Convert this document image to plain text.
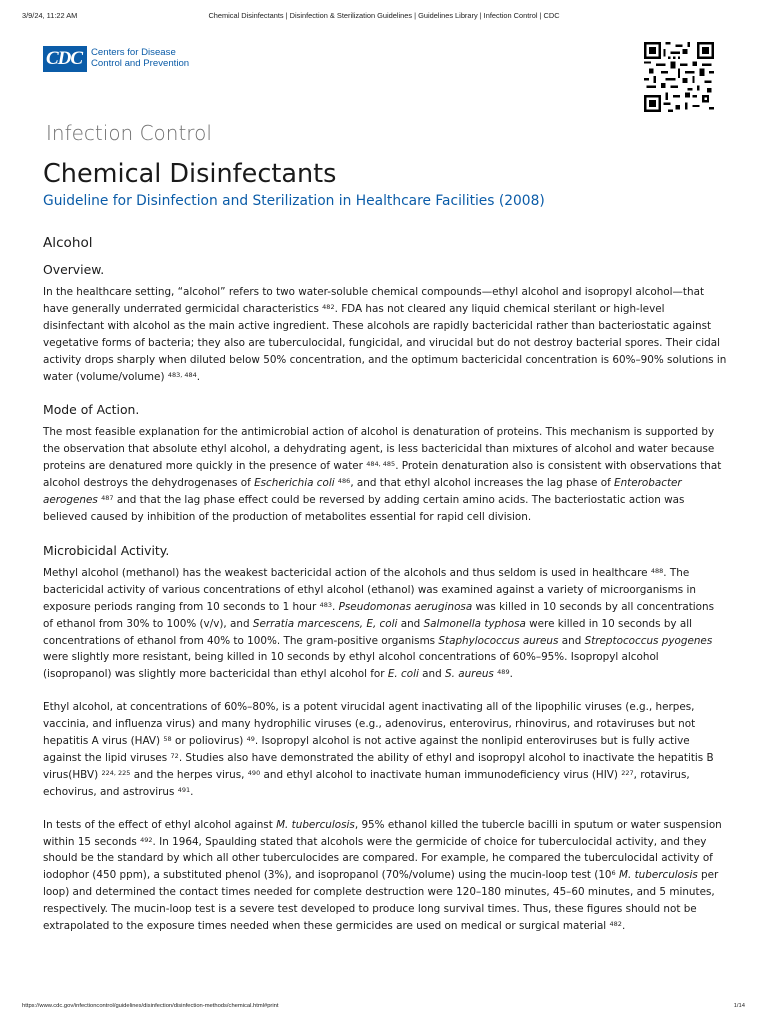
3/9/24, 11:22 AM	Chemical Disinfectants | Disinfection & Sterilization Guidelines | Guidelines Library | Infection Control | CDC
CDC Centers for Disease
Control and Prevention
Infection Control
Chemical Disinfectants
Guideline for Disinfection and Sterilization in Healthcare Facilities (2008)
Alcohol
Overview.

In the healthcare setting, “alcohol” refers to two water-soluble chemical compounds—ethyl alcohol and isopropyl alcohol—that have generally underrated germicidal characteristics $^{482}$. FDA has not cleared any liquid chemical sterilant or high-level disinfectant with alcohol as the main active ingredient. These alcohols are rapidly bactericidal rather than bacteriostatic against vegetative forms of bacteria; they also are tuberculocidal, fungicidal, and virucidal but do not destroy bacterial spores. Their cidal activity drops sharply when diluted below 50% concentration, and the optimum bactericidal concentration is 60%–90% solutions in water (volume/volume) $^{483, 484}$.

Mode of Action.

The most feasible explanation for the antimicrobial action of alcohol is denaturation of proteins. This mechanism is supported by the observation that absolute ethyl alcohol, a dehydrating agent, is less bactericidal than mixtures of alcohol and water because proteins are denatured more quickly in the presence of water $^{484, 485}$. Protein denaturation also is consistent with observations that alcohol destroys the dehydrogenases of Escherichia coli $^{486}$, and that ethyl alcohol increases the lag phase of Enterobacter aerogenes $^{487}$ and that the lag phase effect could be reversed by adding certain amino acids. The bacteriostatic action was believed caused by inhibition of the production of metabolites essential for rapid cell division.

Microbicidal Activity.

Methyl alcohol (methanol) has the weakest bactericidal action of the alcohols and thus seldom is used in healthcare $^{488}$. The bactericidal activity of various concentrations of ethyl alcohol (ethanol) was examined against a variety of microorganisms in exposure periods ranging from 10 seconds to 1 hour $^{483}$. Pseudomonas aeruginosa was killed in 10 seconds by all concentrations of ethanol from 30% to 100% (v/v), and Serratia marcescens, E, coli and Salmonella typhosa were killed in 10 seconds by all concentrations of ethanol from 40% to 100%. The gram-positive organisms Staphylococcus aureus and Streptococcus pyogenes were slightly more resistant, being killed in 10 seconds by ethyl alcohol concentrations of 60%–95%. Isopropyl alcohol (isopropanol) was slightly more bactericidal than ethyl alcohol for E. coli and S. aureus $^{489}$.

Ethyl alcohol, at concentrations of 60%–80%, is a potent virucidal agent inactivating all of the lipophilic viruses (e.g., herpes, vaccinia, and influenza virus) and many hydrophilic viruses (e.g., adenovirus, enterovirus, rhinovirus, and rotaviruses but not hepatitis A virus (HAV) $^{58}$ or poliovirus) $^{49}$. Isopropyl alcohol is not active against the nonlipid enteroviruses but is fully active against the lipid viruses $^{72}$. Studies also have demonstrated the ability of ethyl and isopropyl alcohol to inactivate the hepatitis B virus(HBV) $^{224, 225}$ and the herpes virus, $^{490}$ and ethyl alcohol to inactivate human immunodeficiency virus (HIV) $^{227}$, rotavirus, echovirus, and astrovirus $^{491}$.

In tests of the effect of ethyl alcohol against M. tuberculosis, 95% ethanol killed the tubercle bacilli in sputum or water suspension within 15 seconds $^{492}$. In 1964, Spaulding stated that alcohols were the germicide of choice for tuberculocidal activity, and they should be the standard by which all other tuberculocides are compared. For example, he compared the tuberculocidal activity of iodophor (450 ppm), a substituted phenol (3%), and isopropanol (70%/volume) using the mucin-loop test ($10^6$ M. tuberculosis per loop) and determined the contact times needed for complete destruction were 120–180 minutes, 45–60 minutes, and 5 minutes, respectively. The mucin-loop test is a severe test developed to produce long survival times. Thus, these figures should not be extrapolated to the exposure times needed when these germicides are used on medical or surgical material $^{482}$.

https://www.cdc.gov/infectioncontrol/guidelines/disinfection/disinfection-methods/chemical.html#print	1/14
